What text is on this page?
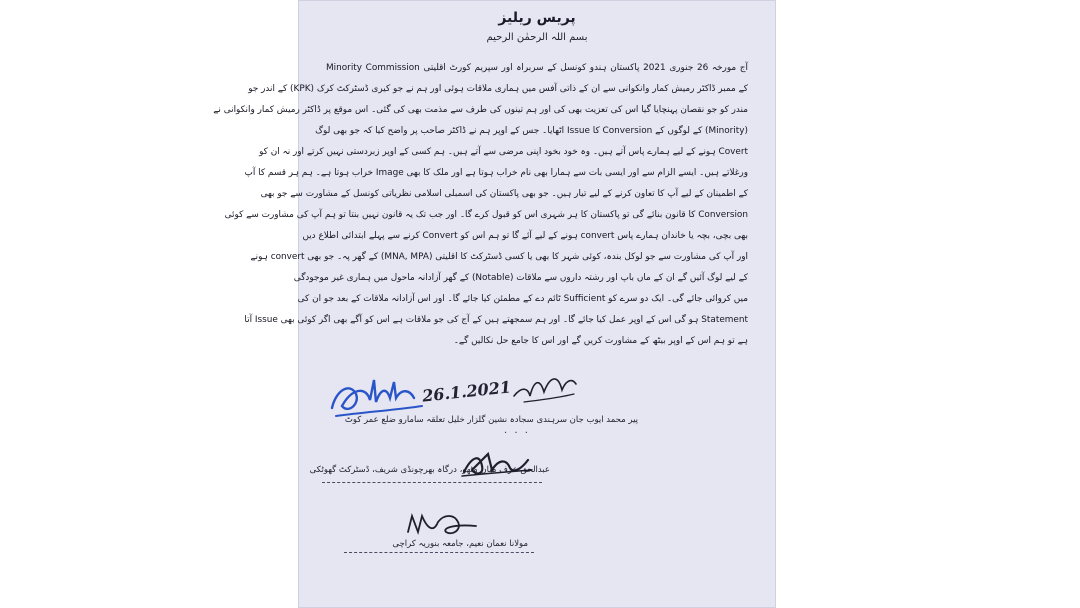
پریس ریلیز
بسم اللہ الرحمٰن الرحیم
آج مورخہ 26 جنوری 2021 پاکستان ہندو کونسل کے سربراہ اور سپریم کورٹ اقلیتی Minority Commission
کے ممبر ڈاکٹر رمیش کمار وانکوانی سے ان کے ذاتی آفس میں ہماری ملاقات ہوئی اور ہم نے جو کیری ڈسٹرکٹ کرک (KPK) کے اندر جو
مندر کو جو نقصان پہنچایا گیا اس کی تعزیت بھی کی اور ہم تینوں کی طرف سے مذمت بھی کی گئی۔ اس موقع پر ڈاکٹر رمیش کمار وانکوانی نے
(Minority) کے لوگوں کے Conversion کا Issue اٹھایا۔ جس کے اوپر ہم نے ڈاکٹر صاحب پر واضح کیا کہ جو بھی لوگ
Covert ہونے کے لیے ہمارے پاس آتے ہیں۔ وہ خود بخود اپنی مرضی سے آتے ہیں۔ ہم کسی کے اوپر زبردستی نہیں کرتے اور نہ ان کو
ورغلاتے ہیں۔ ایسے الزام سے اور ایسی بات سے ہمارا بھی نام خراب ہوتا ہے اور ملک کا بھی Image خراب ہوتا ہے۔ ہم ہر قسم کا آپ
کے اطمینان کے لیے آپ کا تعاون کرنے کے لیے تیار ہیں۔ جو بھی پاکستان کی اسمبلی اسلامی نظریاتی کونسل کے مشاورت سے جو بھی
Conversion کا قانون بنائے گی تو پاکستان کا ہر شہری اس کو قبول کرے گا۔ اور جب تک یہ قانون نہیں بنتا تو ہم آپ کی مشاورت سے کوئی
بھی بچی، بچہ یا خاندان ہمارے پاس convert ہونے کے لیے آئے گا تو ہم اس کو Convert کرنے سے پہلے ابتدائی اطلاع دیں
اور آپ کی مشاورت سے جو لوکل بندہ، کوئی شہر کا بھی یا کسی ڈسٹرکٹ کا اقلیتی (MNA, MPA) کے گھر پہ۔ جو بھی convert ہونے
کے لیے لوگ آئیں گے ان کے ماں باپ اور رشتہ داروں سے ملاقات (Notable) کے گھر آزادانہ ماحول میں ہماری غیر موجودگی
میں کروائی جائے گی۔ ایک دو سرے کو Sufficient ٹائم دے کے مطمئن کیا جائے گا۔ اور اس آزادانہ ملاقات کے بعد جو ان کی
Statement ہو گی اس کے اوپر عمل کیا جائے گا۔ اور ہم سمجھتے ہیں کے آج کی جو ملاقات ہے اس کو آگے بھی اگر کوئی بھی Issue آتا
ہے تو ہم اس کے اوپر بیٹھ کے مشاورت کریں گے اور اس کا جامع حل نکالیں گے۔
26.1.2021
پیر محمد ایوب جان سرہندی سجادہ نشین گلزار خلیل تعلقہ سامارو ضلع عمر کوٹ
· · ·
عبدالحق عرف میاں مٹھو، درگاہ بھرچونڈی شریف، ڈسٹرکٹ گھوٹکی
مولانا نعمان نعیم، جامعہ بنوریہ کراچی
